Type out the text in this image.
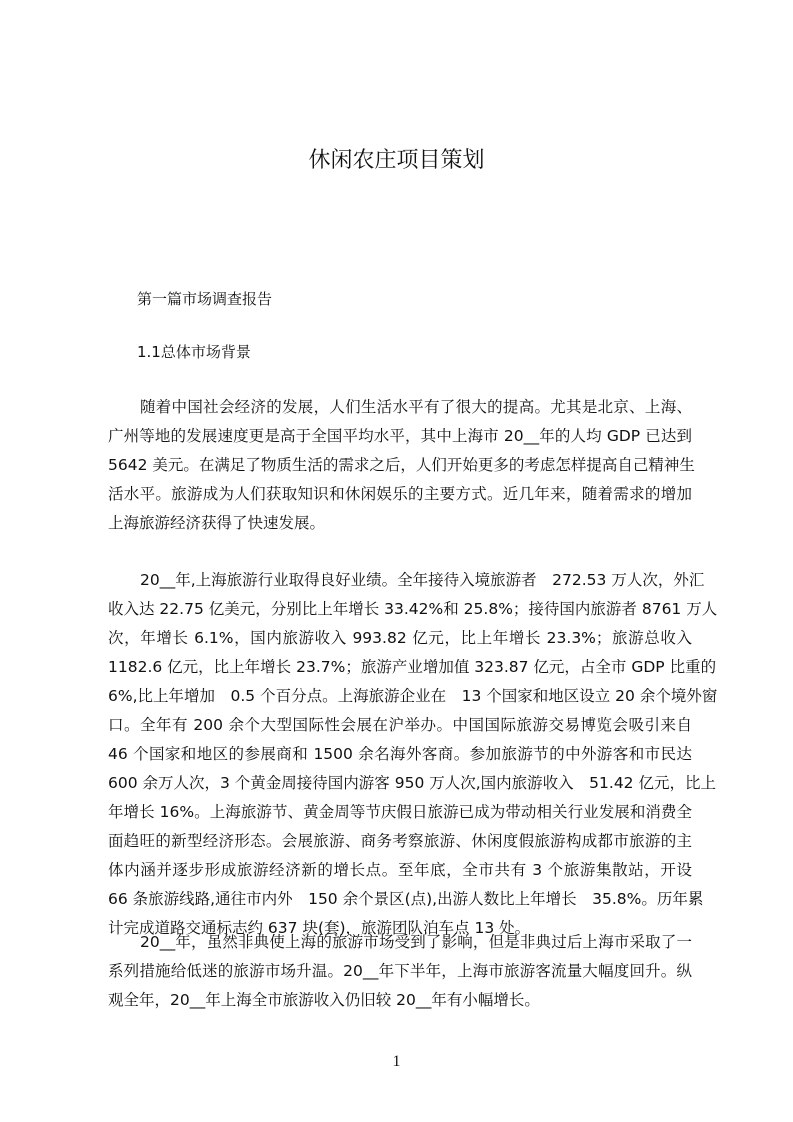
休闲农庄项目策划
第一篇市场调查报告
1.1总体市场背景
随着中国社会经济的发展，人们生活水平有了很大的提高。尤其是北京、上海、
广州等地的发展速度更是高于全国平均水平，其中上海市 20__年的人均 GDP 已达到
5642 美元。在满足了物质生活的需求之后，人们开始更多的考虑怎样提高自己精神生
活水平。旅游成为人们获取知识和休闲娱乐的主要方式。近几年来，随着需求的增加
上海旅游经济获得了快速发展。
20__年,上海旅游行业取得良好业绩。全年接待入境旅游者　272.53 万人次，外汇
收入达 22.75 亿美元，分别比上年增长 33.42%和 25.8%；接待国内旅游者 8761 万人
次，年增长 6.1%，国内旅游收入 993.82 亿元，比上年增长 23.3%；旅游总收入
1182.6 亿元，比上年增长 23.7%；旅游产业增加值 323.87 亿元，占全市 GDP 比重的
6%,比上年增加　0.5 个百分点。上海旅游企业在　13 个国家和地区设立 20 余个境外窗
口。全年有 200 余个大型国际性会展在沪举办。中国国际旅游交易博览会吸引来自
46 个国家和地区的参展商和 1500 余名海外客商。参加旅游节的中外游客和市民达
600 余万人次，3 个黄金周接待国内游客 950 万人次,国内旅游收入　51.42 亿元，比上
年增长 16%。上海旅游节、黄金周等节庆假日旅游已成为带动相关行业发展和消费全
面趋旺的新型经济形态。会展旅游、商务考察旅游、休闲度假旅游构成都市旅游的主
体内涵并逐步形成旅游经济新的增长点。至年底，全市共有 3 个旅游集散站，开设
66 条旅游线路,通往市内外　150 余个景区(点),出游人数比上年增长　35.8%。历年累
计完成道路交通标志约 637 块(套)，旅游团队泊车点 13 处。
20__年，虽然非典使上海的旅游市场受到了影响，但是非典过后上海市采取了一
系列措施给低迷的旅游市场升温。20__年下半年，上海市旅游客流量大幅度回升。纵
观全年，20__年上海全市旅游收入仍旧较 20__年有小幅增长。
1
